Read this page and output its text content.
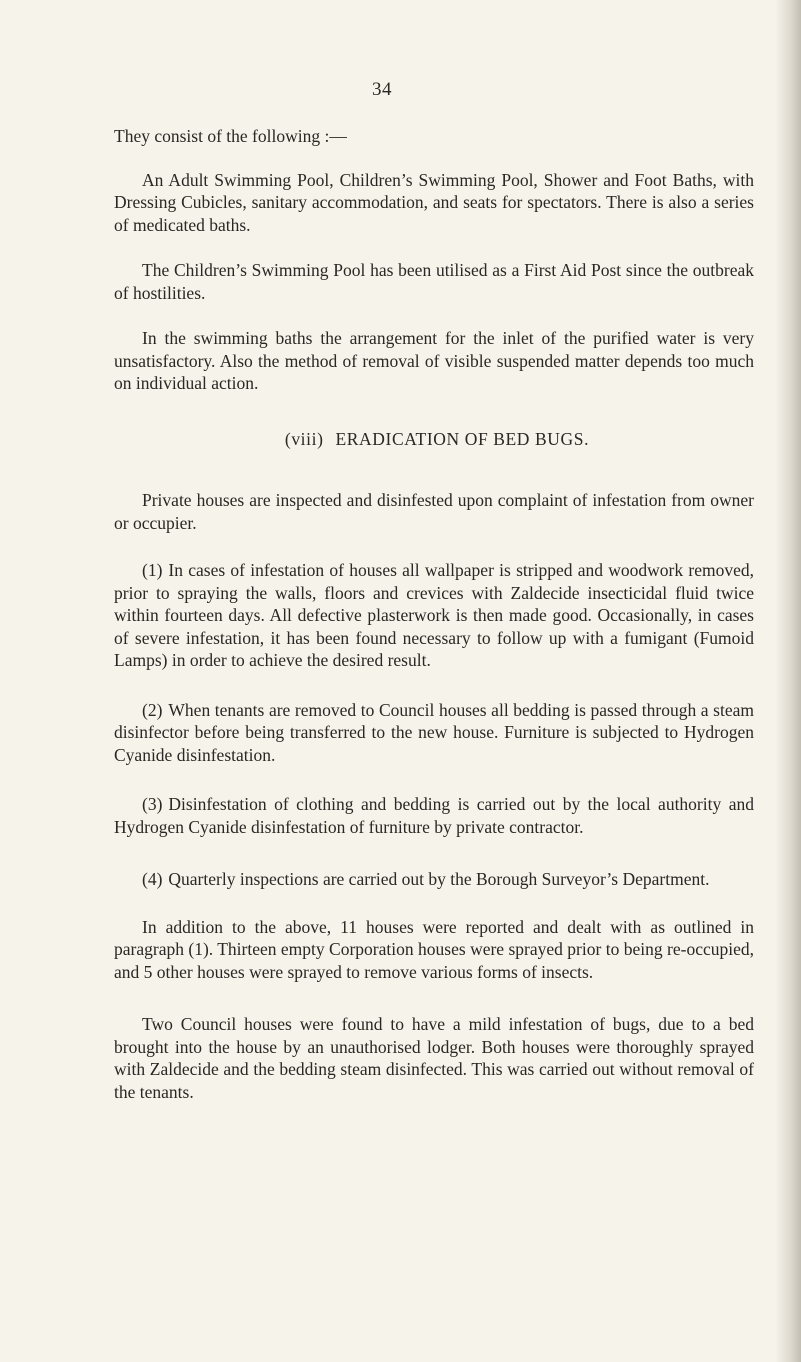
34

They consist of the following :—

An Adult Swimming Pool, Children’s Swimming Pool, Shower and Foot Baths, with Dressing Cubicles, sanitary accommodation, and seats for spectators. There is also a series of medicated baths.

The Children’s Swimming Pool has been utilised as a First Aid Post since the outbreak of hostilities.

In the swimming baths the arrangement for the inlet of the purified water is very unsatisfactory. Also the method of removal of visible suspended matter depends too much on individual action.

(viii) ERADICATION OF BED BUGS.

Private houses are inspected and disinfested upon complaint of infestation from owner or occupier.

(1) In cases of infestation of houses all wallpaper is stripped and woodwork removed, prior to spraying the walls, floors and crevices with Zaldecide insecticidal fluid twice within fourteen days. All defective plasterwork is then made good. Occasionally, in cases of severe infestation, it has been found necessary to follow up with a fumigant (Fumoid Lamps) in order to achieve the desired result.

(2) When tenants are removed to Council houses all bedding is passed through a steam disinfector before being transferred to the new house. Furniture is subjected to Hydrogen Cyanide disinfestation.

(3) Disinfestation of clothing and bedding is carried out by the local authority and Hydrogen Cyanide disinfestation of furniture by private contractor.

(4) Quarterly inspections are carried out by the Borough Surveyor’s Department.

In addition to the above, 11 houses were reported and dealt with as outlined in paragraph (1). Thirteen empty Corporation houses were sprayed prior to being re-occupied, and 5 other houses were sprayed to remove various forms of insects.

Two Council houses were found to have a mild infestation of bugs, due to a bed brought into the house by an unauthorised lodger. Both houses were thoroughly sprayed with Zaldecide and the bedding steam disinfected. This was carried out without removal of the tenants.
